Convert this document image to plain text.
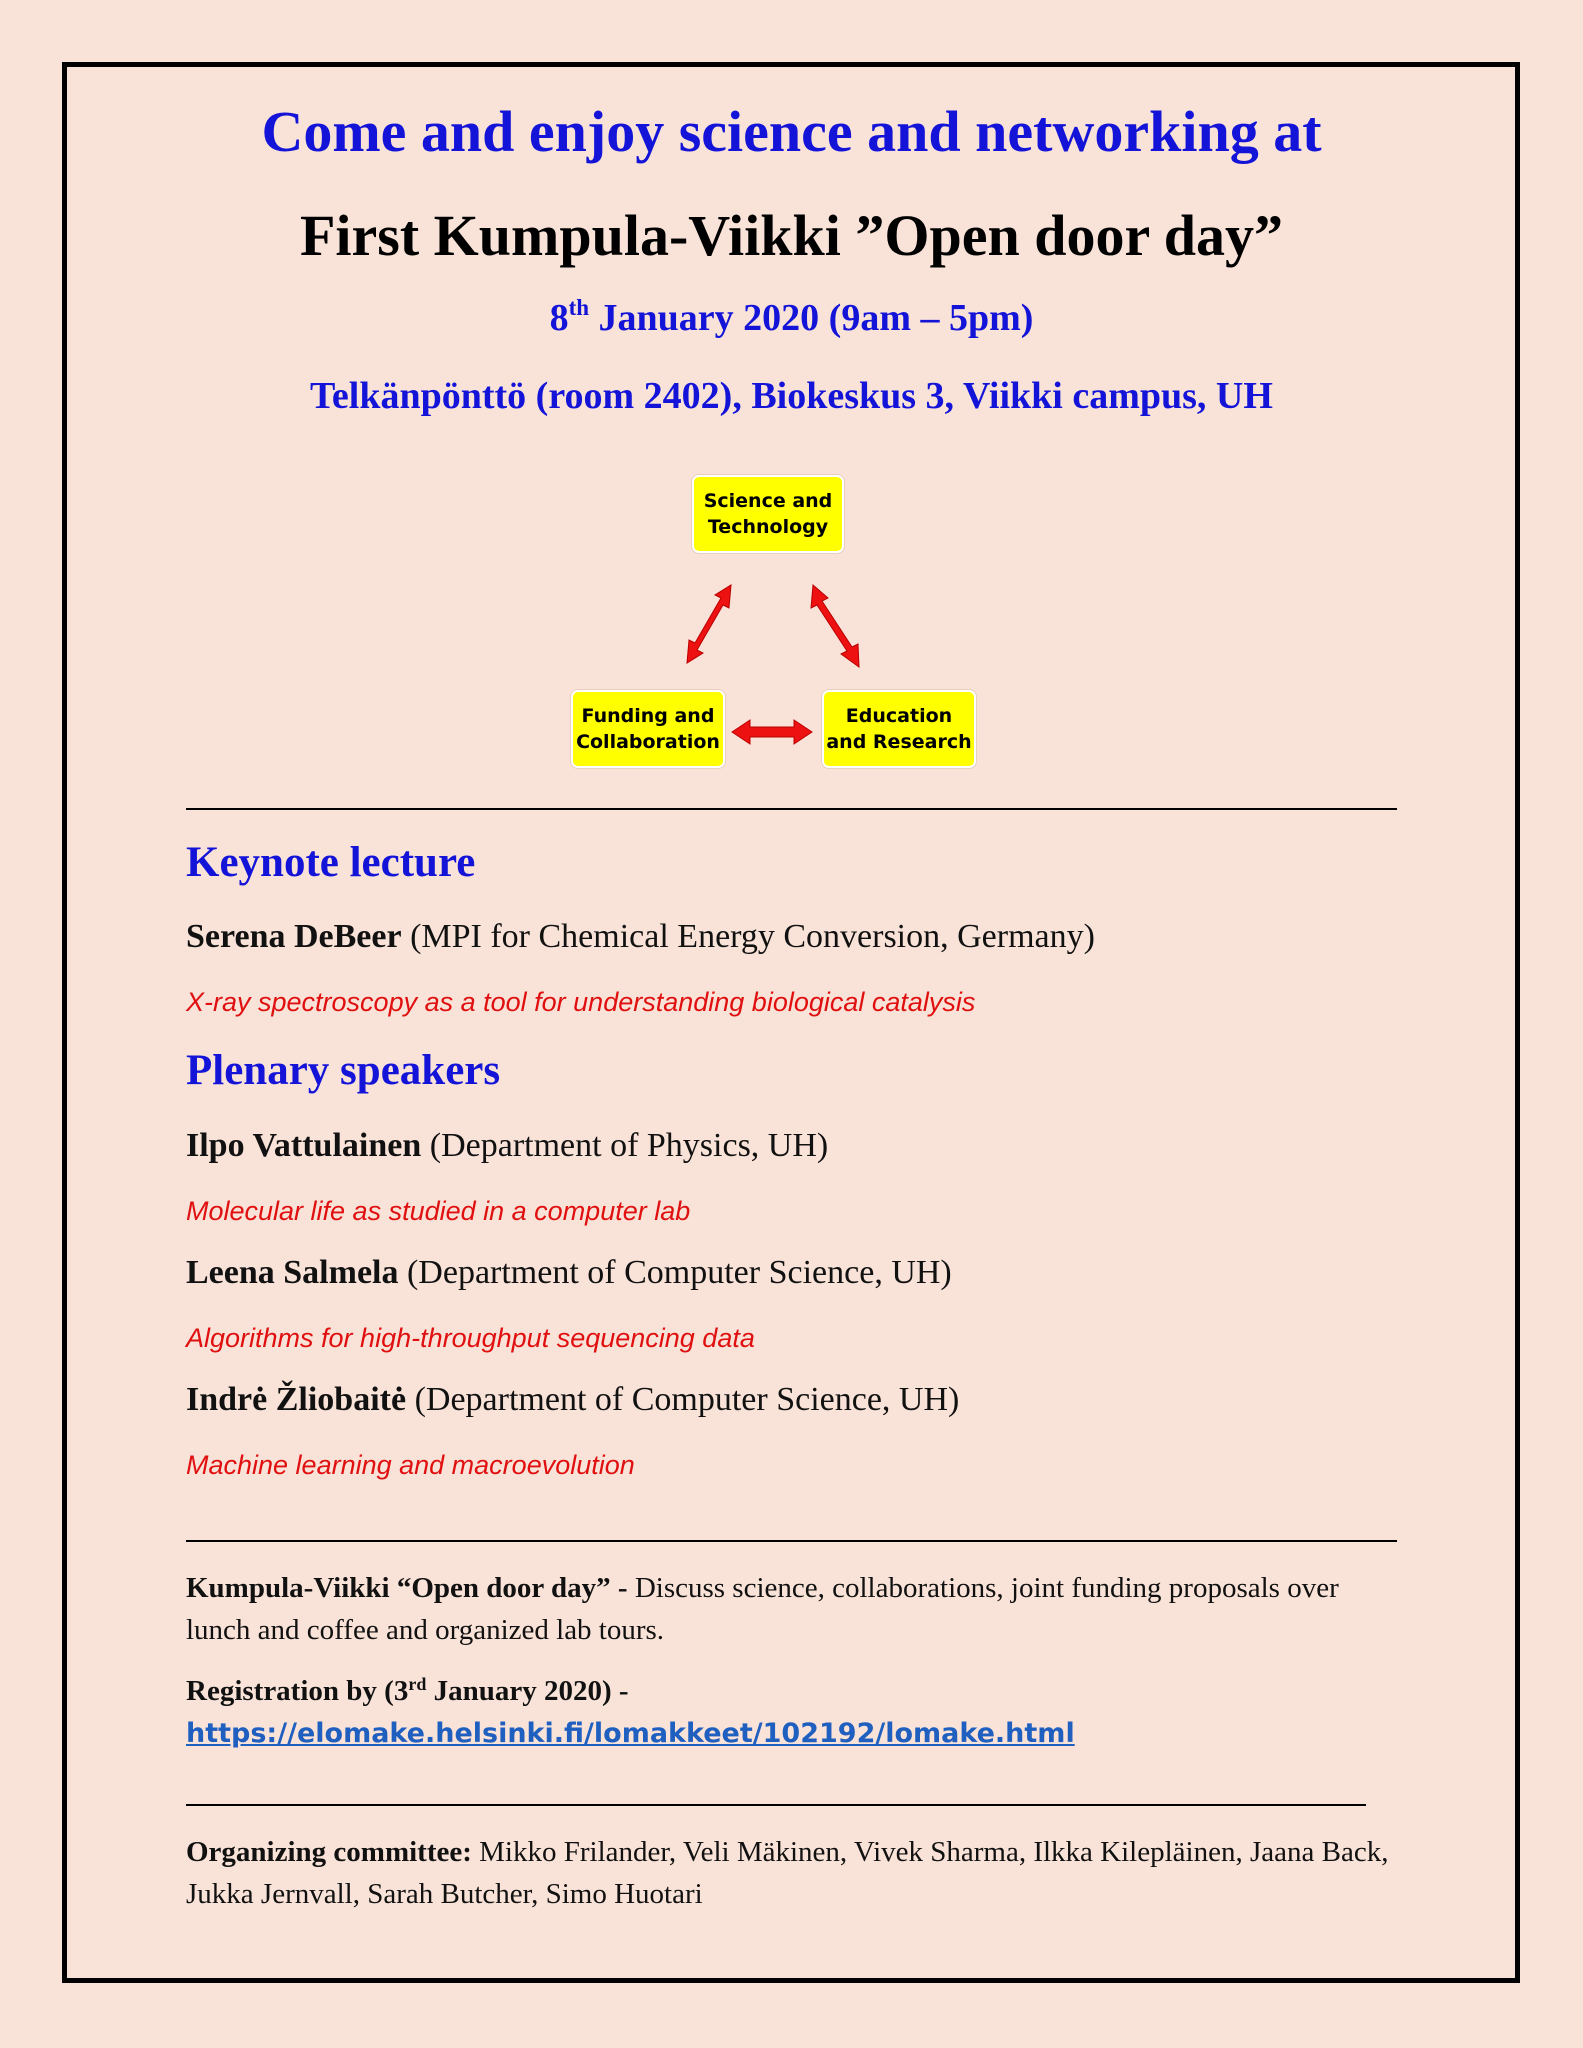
Come and enjoy science and networking at
First Kumpula-Viikki ”Open door day”
8th January 2020 (9am – 5pm)
Telkänpönttö (room 2402), Biokeskus 3, Viikki campus, UH
Science and
Technology
Funding and
Collaboration
Education
and Research
Keynote lecture
Serena DeBeer (MPI for Chemical Energy Conversion, Germany)
X-ray spectroscopy as a tool for understanding biological catalysis
Plenary speakers
Ilpo Vattulainen (Department of Physics, UH)
Molecular life as studied in a computer lab
Leena Salmela (Department of Computer Science, UH)
Algorithms for high-throughput sequencing data
Indrė Žliobaitė (Department of Computer Science, UH)
Machine learning and macroevolution
Kumpula-Viikki “Open door day” - Discuss science, collaborations, joint funding proposals over lunch and coffee and organized lab tours.
Registration by (3rd January 2020) -
https://elomake.helsinki.fi/lomakkeet/102192/lomake.html
Organizing committee: Mikko Frilander, Veli Mäkinen, Vivek Sharma, Ilkka Kilepläinen, Jaana Back, Jukka Jernvall, Sarah Butcher, Simo Huotari
